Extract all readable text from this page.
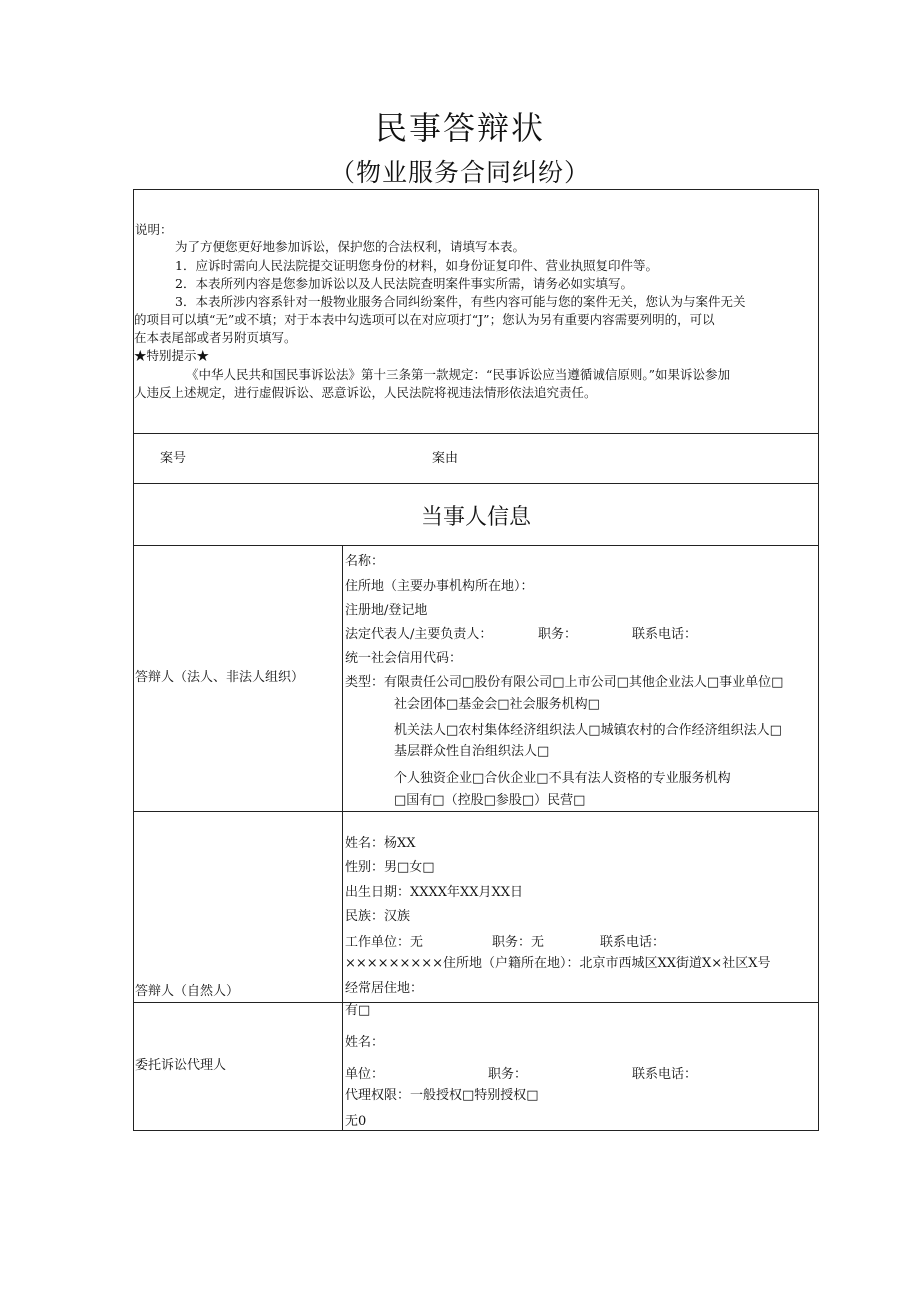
民事答辩状
（物业服务合同纠纷）
说明：
为了方便您更好地参加诉讼，保护您的合法权利，请填写本表。
1．应诉时需向人民法院提交证明您身份的材料，如身份证复印件、营业执照复印件等。
2．本表所列内容是您参加诉讼以及人民法院查明案件事实所需，请务必如实填写。
3．本表所涉内容系针对一般物业服务合同纠纷案件，有些内容可能与您的案件无关，您认为与案件无关
的项目可以填“无”或不填；对于本表中勾选项可以在对应项打“J”；您认为另有重要内容需要列明的，可以
在本表尾部或者另附页填写。
★特别提示★
《中华人民共和国民事诉讼法》第十三条第一款规定：“民事诉讼应当遵循诚信原则。”如果诉讼参加
人违反上述规定，进行虚假诉讼、恶意诉讼，人民法院将视违法情形依法追究责任。
案号	案由
当事人信息
答辩人（法人、非法人组织）
名称：
住所地（主要办事机构所在地）：
注册地/登记地
法定代表人/主要负责人：	职务：	联系电话：
统一社会信用代码：
类型：有限责任公司□股份有限公司□上市公司□其他企业法人□事业单位□
社会团体□基金会□社会服务机构□
机关法人□农村集体经济组织法人□城镇农村的合作经济组织法人□
基层群众性自治组织法人□
个人独资企业□合伙企业□不具有法人资格的专业服务机构
□国有□（控股□参股□）民营□
答辩人（自然人）
姓名：杨XX
性别：男□女□
出生日期：XXXX年XX月XX日
民族：汉族
工作单位：无	职务：无	联系电话：
×××××××××住所地（户籍所在地）：北京市西城区XX街道X×社区X号
经常居住地：
委托诉讼代理人
有□
姓名：
单位：	职务：	联系电话：
代理权限：一般授权□特别授权□
无0
